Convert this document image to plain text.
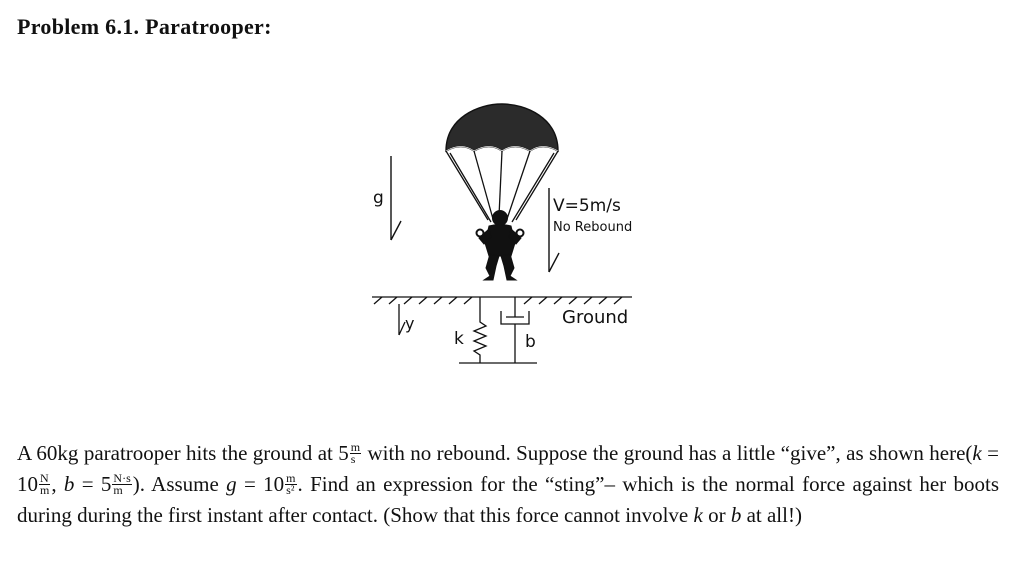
Problem 6.1. Paratrooper:
g	V=5m/s
No Rebound
Ground
y
k	b
A 60kg paratrooper hits the ground at $5 \frac{m}{s}$ with no rebound. Suppose the ground has a little “give”, as shown here(k = $10 \frac{N}{m}$ , $b = 5 \frac{N\cdot s}{m}$ ). Assume $g = 10 \frac{m}{\text{s²}}$ . Find an expression for the “sting”– which is the normal force against her boots during during the first instant after contact. (Show that this force cannot involve k or b at all!)
